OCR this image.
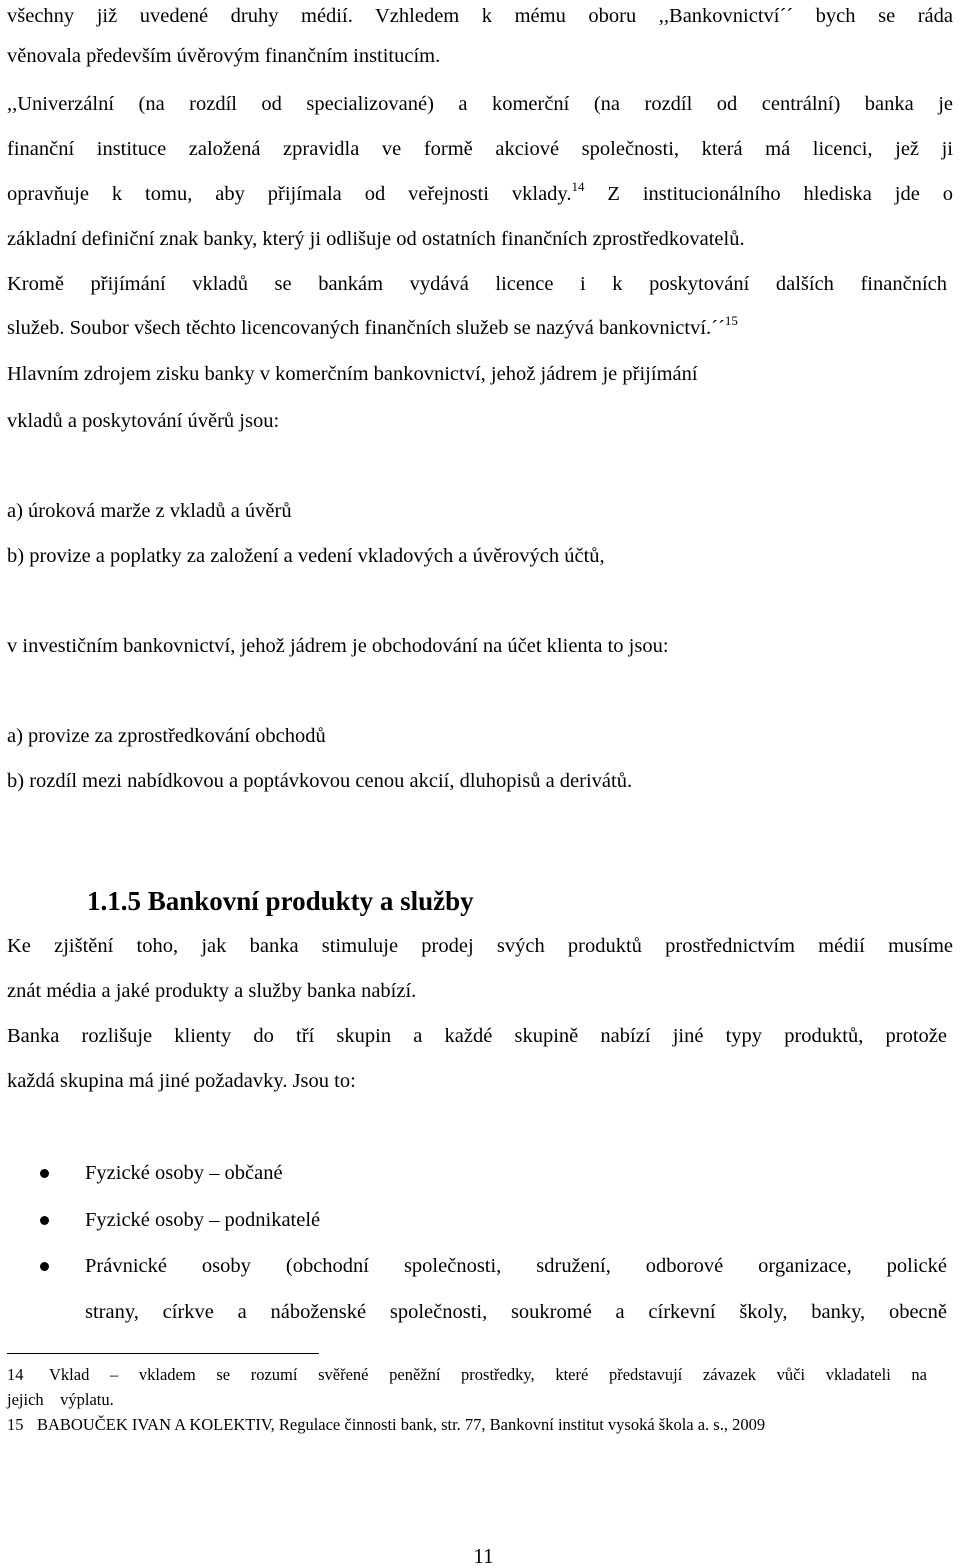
všechny již uvedené druhy médií. Vzhledem k mému oboru ,,Bankovnictví´´ bych se ráda
věnovala především úvěrovým finančním institucím.
,,Univerzální (na rozdíl od specializované) a komerční (na rozdíl od centrální) banka je
finanční instituce založená zpravidla ve formě akciové společnosti, která má licenci, jež ji
opravňuje k tomu, aby přijímala od veřejnosti vklady.$^{14}$ Z institucionálního hlediska jde o
základní definiční znak banky, který ji odlišuje od ostatních finančních zprostředkovatelů.
Kromě přijímání vkladů se bankám vydává licence i k poskytování dalších finančních
služeb. Soubor všech těchto licencovaných finančních služeb se nazývá bankovnictví.´´$^{15}$
Hlavním zdrojem zisku banky v komerčním bankovnictví, jehož jádrem je přijímání
vkladů a poskytování úvěrů jsou:
a) úroková marže z vkladů a úvěrů
b) provize a poplatky za založení a vedení vkladových a úvěrových účtů,
v investičním bankovnictví, jehož jádrem je obchodování na účet klienta to jsou:
a) provize za zprostředkování obchodů
b) rozdíl mezi nabídkovou a poptávkovou cenou akcií, dluhopisů a derivátů.
1.1.5 Bankovní produkty a služby
Ke zjištění toho, jak banka stimuluje prodej svých produktů prostřednictvím médií musíme
znát média a jaké produkty a služby banka nabízí.
Banka rozlišuje klienty do tří skupin a každé skupině nabízí jiné typy produktů, protože
každá skupina má jiné požadavky. Jsou to:
Fyzické osoby – občané
Fyzické osoby – podnikatelé
Právnické osoby (obchodní společnosti, sdružení, odborové organizace, polické
strany, církve a náboženské společnosti, soukromé a církevní školy, banky, obecně
14 Vklad – vkladem se rozumí svěřené peněžní prostředky, které představují závazek vůči vkladateli na
jejich    výplatu.
15 BABOUČEK IVAN A KOLEKTIV, Regulace činnosti bank, str. 77, Bankovní institut vysoká škola a. s., 2009
11
